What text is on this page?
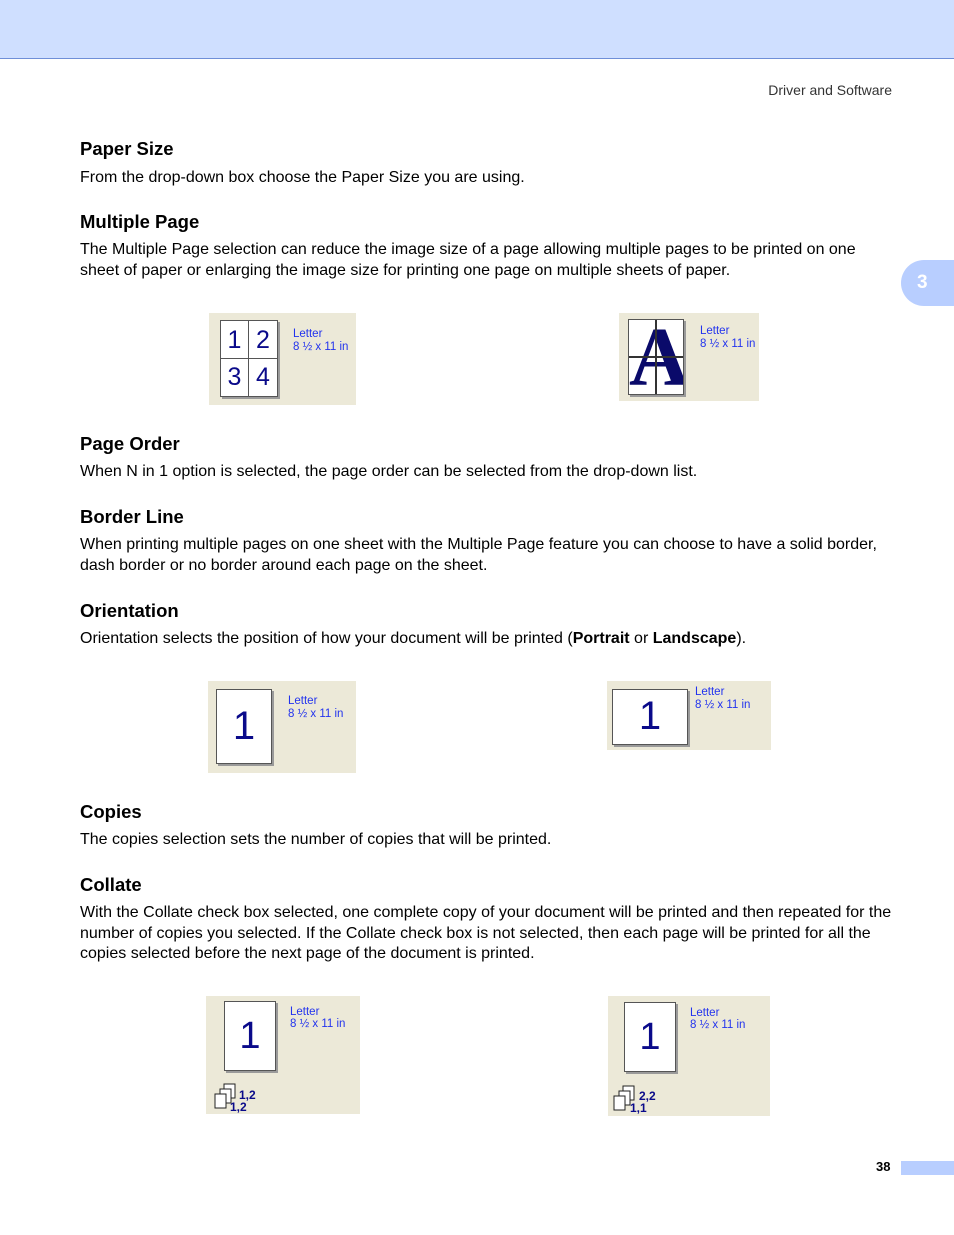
Driver and Software
3
Paper Size

From the drop-down box choose the Paper Size you are using.

Multiple Page

The Multiple Page selection can reduce the image size of a page allowing multiple pages to be printed on one sheet of paper or enlarging the image size for printing one page on multiple sheets of paper.

Page Order

When N in 1 option is selected, the page order can be selected from the drop-down list.

Border Line

When printing multiple pages on one sheet with the Multiple Page feature you can choose to have a solid border, dash border or no border around each page on the sheet.

Orientation

Orientation selects the position of how your document will be printed (Portrait or Landscape).

Copies

The copies selection sets the number of copies that will be printed.

Collate

With the Collate check box selected, one complete copy of your document will be printed and then repeated for the number of copies you selected. If the Collate check box is not selected, then each page will be printed for all the copies selected before the next page of the document is printed.

1 2
3 4
Letter
8 ½ x 11 in
Letter
8 ½ x 11 in
1
Letter
8 ½ x 11 in	1
Letter
8 ½ x 11 in
1
1,2
1,2
Letter
8 ½ x 11 in	1
2,2
1,1
Letter
8 ½ x 11 in
38
